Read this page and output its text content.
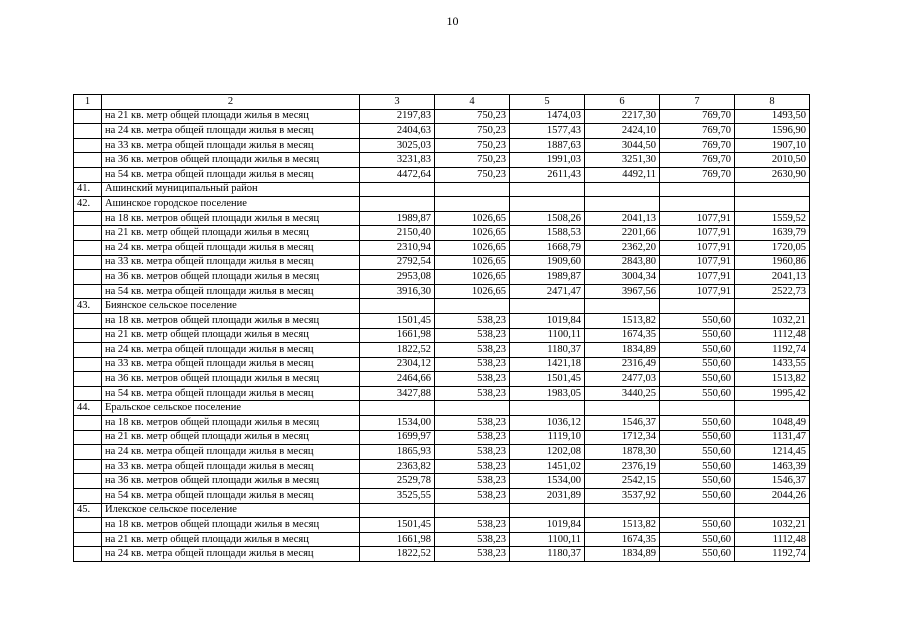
10
1	2	3	4	5	6	7	8
	на 21 кв. метр общей площади жилья в месяц	2197,83	750,23	1474,03	2217,30	769,70	1493,50
	на 24 кв. метра общей площади жилья в месяц	2404,63	750,23	1577,43	2424,10	769,70	1596,90
	на 33 кв. метра общей площади жилья в месяц	3025,03	750,23	1887,63	3044,50	769,70	1907,10
	на 36 кв. метров общей площади жилья в месяц	3231,83	750,23	1991,03	3251,30	769,70	2010,50
	на 54 кв. метра общей площади жилья в месяц	4472,64	750,23	2611,43	4492,11	769,70	2630,90
41.	Ашинский муниципальный район						
42.	Ашинское городское поселение						
	на 18 кв. метров общей площади жилья в месяц	1989,87	1026,65	1508,26	2041,13	1077,91	1559,52
	на 21 кв. метр общей площади жилья в месяц	2150,40	1026,65	1588,53	2201,66	1077,91	1639,79
	на 24 кв. метра общей площади жилья в месяц	2310,94	1026,65	1668,79	2362,20	1077,91	1720,05
	на 33 кв. метра общей площади жилья в месяц	2792,54	1026,65	1909,60	2843,80	1077,91	1960,86
	на 36 кв. метров общей площади жилья в месяц	2953,08	1026,65	1989,87	3004,34	1077,91	2041,13
	на 54 кв. метра общей площади жилья в месяц	3916,30	1026,65	2471,47	3967,56	1077,91	2522,73
43.	Биянское сельское поселение						
	на 18 кв. метров общей площади жилья в месяц	1501,45	538,23	1019,84	1513,82	550,60	1032,21
	на 21 кв. метр общей площади жилья в месяц	1661,98	538,23	1100,11	1674,35	550,60	1112,48
	на 24 кв. метра общей площади жилья в месяц	1822,52	538,23	1180,37	1834,89	550,60	1192,74
	на 33 кв. метра общей площади жилья в месяц	2304,12	538,23	1421,18	2316,49	550,60	1433,55
	на 36 кв. метров общей площади жилья в месяц	2464,66	538,23	1501,45	2477,03	550,60	1513,82
	на 54 кв. метра общей площади жилья в месяц	3427,88	538,23	1983,05	3440,25	550,60	1995,42
44.	Еральское сельское поселение						
	на 18 кв. метров общей площади жилья в месяц	1534,00	538,23	1036,12	1546,37	550,60	1048,49
	на 21 кв. метр общей площади жилья в месяц	1699,97	538,23	1119,10	1712,34	550,60	1131,47
	на 24 кв. метра общей площади жилья в месяц	1865,93	538,23	1202,08	1878,30	550,60	1214,45
	на 33 кв. метра общей площади жилья в месяц	2363,82	538,23	1451,02	2376,19	550,60	1463,39
	на 36 кв. метров общей площади жилья в месяц	2529,78	538,23	1534,00	2542,15	550,60	1546,37
	на 54 кв. метра общей площади жилья в месяц	3525,55	538,23	2031,89	3537,92	550,60	2044,26
45.	Илекское сельское поселение						
	на 18 кв. метров общей площади жилья в месяц	1501,45	538,23	1019,84	1513,82	550,60	1032,21
	на 21 кв. метр общей площади жилья в месяц	1661,98	538,23	1100,11	1674,35	550,60	1112,48
	на 24 кв. метра общей площади жилья в месяц	1822,52	538,23	1180,37	1834,89	550,60	1192,74
